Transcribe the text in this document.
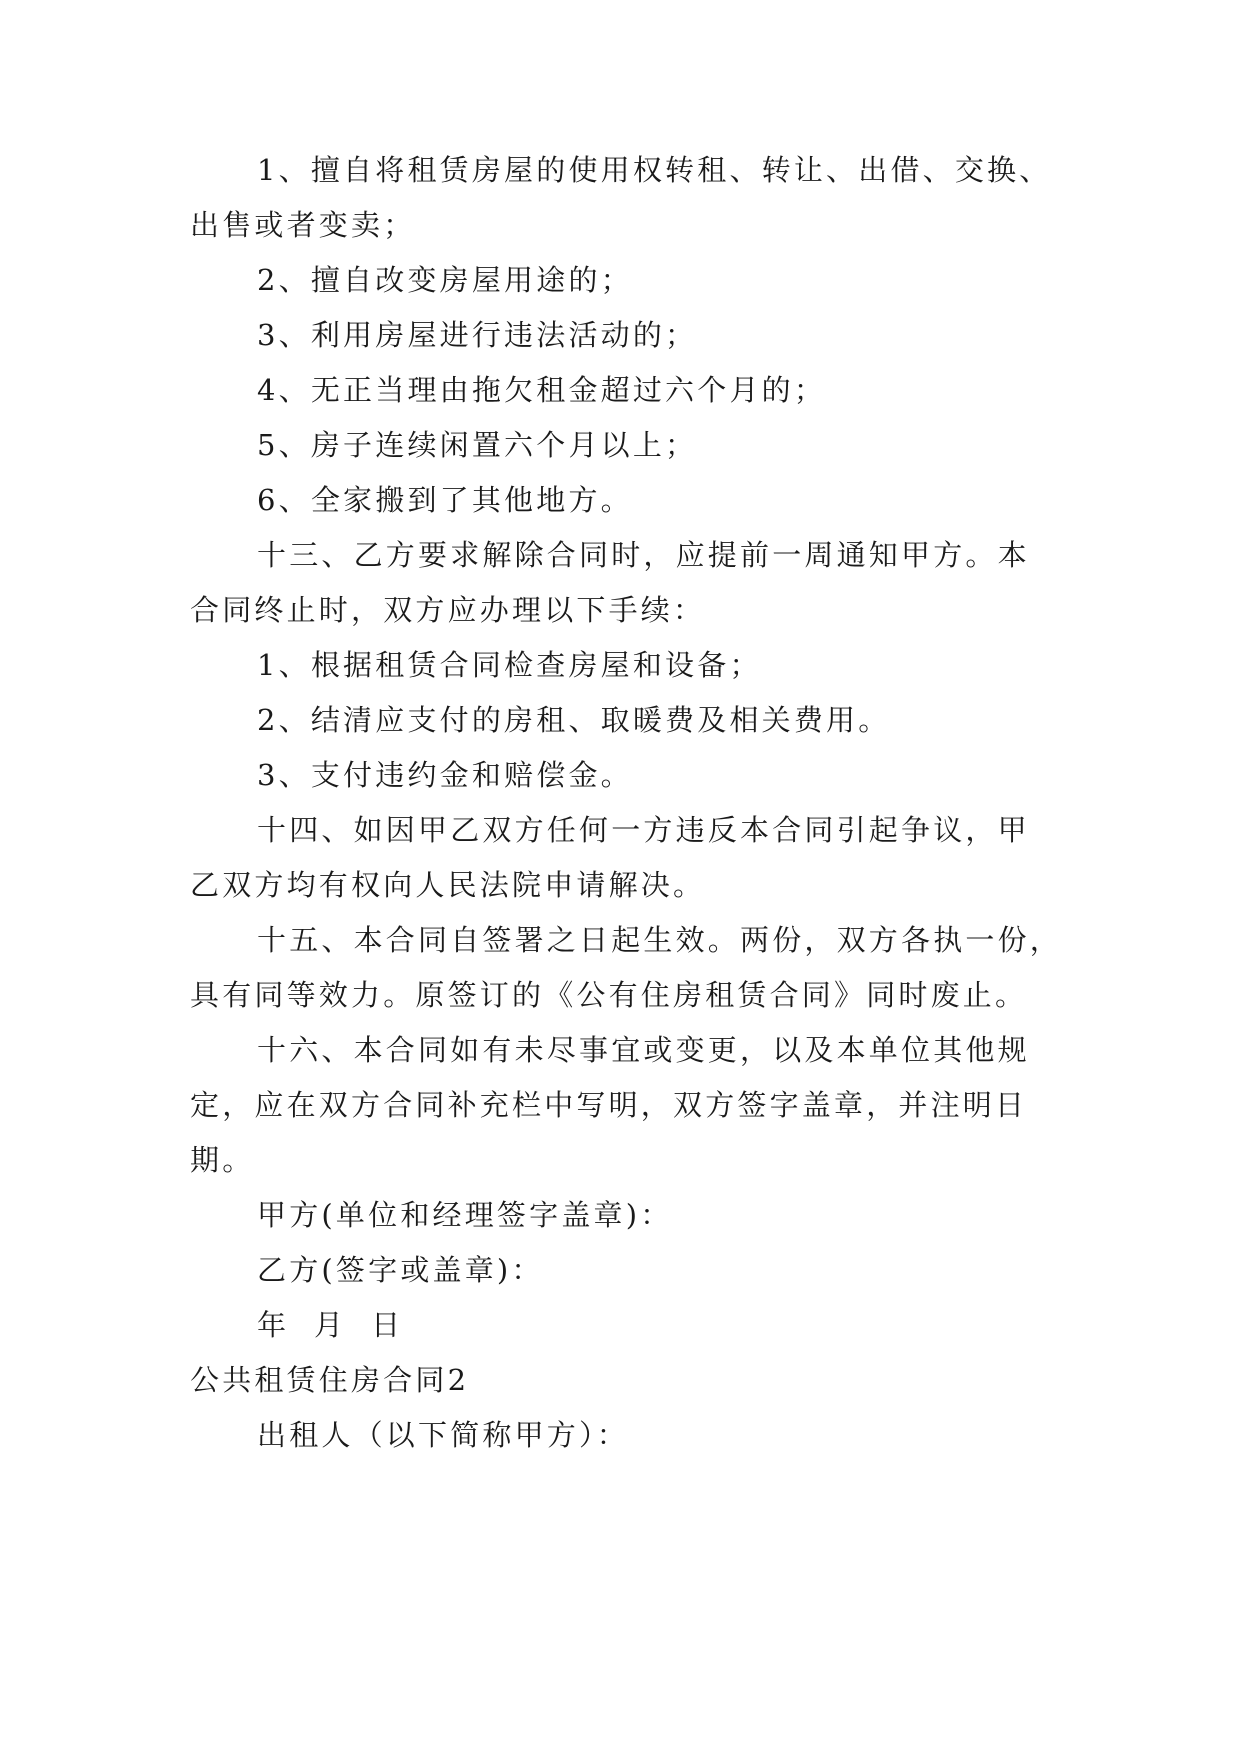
1、擅自将租赁房屋的使用权转租、转让、出借、交换、
出售或者变卖；
2、擅自改变房屋用途的；
3、利用房屋进行违法活动的；
4、无正当理由拖欠租金超过六个月的；
5、房子连续闲置六个月以上；
6、全家搬到了其他地方。
十三、乙方要求解除合同时，应提前一周通知甲方。本
合同终止时，双方应办理以下手续：
1、根据租赁合同检查房屋和设备；
2、结清应支付的房租、取暖费及相关费用。
3、支付违约金和赔偿金。
十四、如因甲乙双方任何一方违反本合同引起争议，甲
乙双方均有权向人民法院申请解决。
十五、本合同自签署之日起生效。两份，双方各执一份，
具有同等效力。原签订的《公有住房租赁合同》同时废止。
十六、本合同如有未尽事宜或变更，以及本单位其他规
定，应在双方合同补充栏中写明，双方签字盖章，并注明日
期。
甲方(单位和经理签字盖章)：
乙方(签字或盖章)：
年  月  日
公共租赁住房合同2
出租人（以下简称甲方）：
